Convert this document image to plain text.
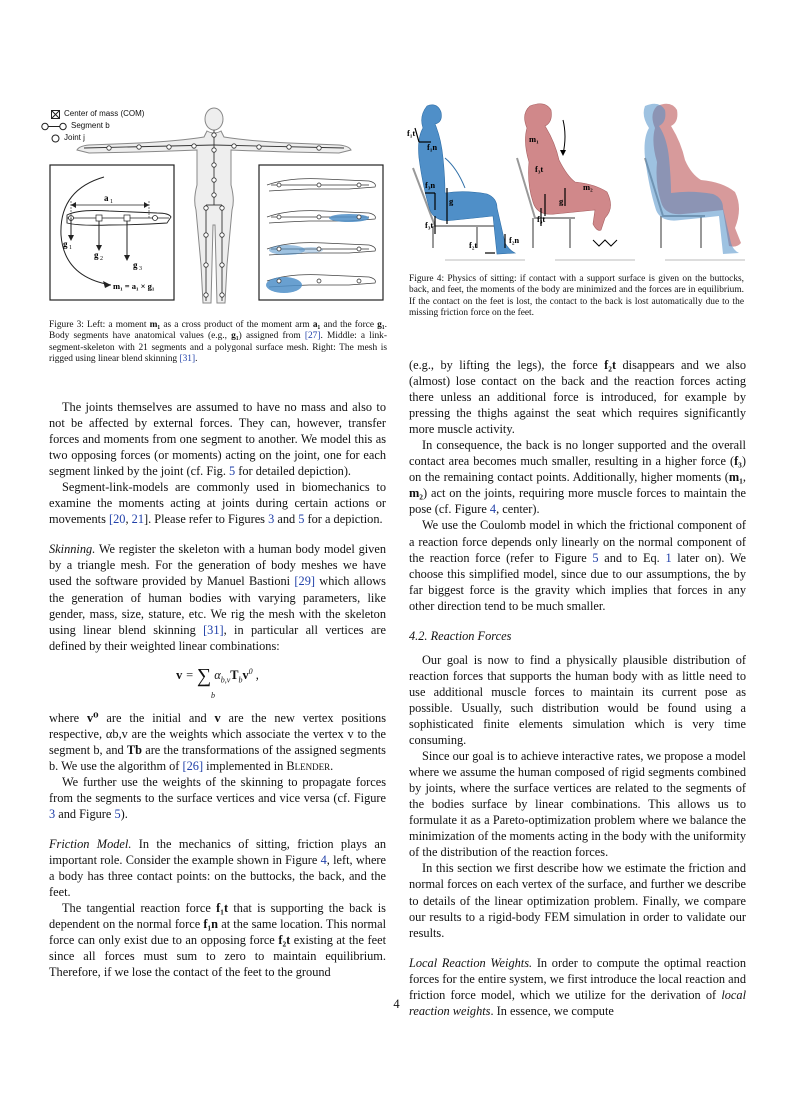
a 1
g 1
g 2
g 3
m₁ = a₁ × g₁
Center of mass (COM)
Segment b
Joint j
Figure 3: Left: a moment m₁ as a cross product of the moment arm a₁ and the force g₁. Body segments have anatomical values (e.g., g₁) assigned from [27]. Middle: a link-segment-skeleton with 21 segments and a polygonal surface mesh. Right: The mesh is rigged using linear blend skinning [31].
f₁t
f₁n
f₃n
f₃t
g
f₂t	f₂n
m₁
f₃t
m₂
g
f₃t
Figure 4: Physics of sitting: if contact with a support surface is given on the buttocks, back, and feet, the moments of the body are minimized and the forces are in equilibrium. If the contact on the feet is lost, the contact to the back is lost automatically due to the missing friction force on the feet.

The joints themselves are assumed to have no mass and also to not be affected by external forces. They can, however, transfer forces and moments from one segment to another. We model this as two opposing forces (or moments) acting on the joint, one for each segment linked by the joint (cf. Fig. 5 for detailed depiction).

Segment-link-models are commonly used in biomechanics to examine the moments acting at joints during certain actions or movements [20, 21]. Please refer to Figures 3 and 5 for a depiction.

Skinning. We register the skeleton with a human body model given by a triangle mesh. For the generation of body meshes we have used the software provided by Manuel Bastioni [29] which allows the generation of human bodies with varying parameters, like gender, mass, size, stature, etc. We rig the mesh with the skeleton using linear blend skinning [31], in particular all vertices are defined by their weighted linear combinations:

v = ∑ $\alpha_{b,v}T_bv^0$ ,
b

where v⁰ are the initial and v are the new vertex positions respective, αb,v are the weights which associate the vertex v to the segment b, and Tb are the transformations of the assigned segments b. We use the algorithm of [26] implemented in Blender.

We further use the weights of the skinning to propagate forces from the segments to the surface vertices and vice versa (cf. Figure 3 and Figure 5).

Friction Model. In the mechanics of sitting, friction plays an important role. Consider the example shown in Figure 4, left, where a body has three contact points: on the buttocks, the back, and the feet.

The tangential reaction force f₁t that is supporting the back is dependent on the normal force f₁n at the same location. This normal force can only exist due to an opposing force f₂t existing at the feet since all forces must sum to zero to maintain equilibrium. Therefore, if we lose the contact of the feet to the ground

(e.g., by lifting the legs), the force f₂t disappears and we also (almost) lose contact on the back and the reaction forces acting there unless an additional force is introduced, for example by pressing the thighs against the seat which requires significantly more muscle activity.

In consequence, the back is no longer supported and the overall contact area becomes much smaller, resulting in a higher force (f₃) on the remaining contact points. Additionally, higher moments (m₁, m₂) act on the joints, requiring more muscle forces to maintain the pose (cf. Figure 4, center).

We use the Coulomb model in which the frictional component of a reaction force depends only linearly on the normal component of the reaction force (refer to Figure 5 and to Eq. 1 later on). We choose this simplified model, since due to our assumptions, the by far biggest force is the gravity which implies that forces in any other direction tend to be much smaller.

4.2. Reaction Forces

Our goal is now to find a physically plausible distribution of reaction forces that supports the human body with as little need to use additional muscle forces to maintain its current pose as possible. Usually, such distribution would be found using a sophisticated finite elements simulation which is very time consuming.

Since our goal is to achieve interactive rates, we propose a model where we assume the human composed of rigid segments combined by joints, where the surface vertices are related to the segments of the bodies surface by linear combinations. This allows us to formulate it as a Pareto-optimization problem where we balance the minimization of the moments acting in the body with the uniformity of the distribution of the reaction forces.

In this section we first describe how we estimate the friction and normal forces on each vertex of the surface, and further we describe to details of the linear optimization problem. Finally, we compare our results to a rigid-body FEM simulation in order to validate our results.

Local Reaction Weights. In order to compute the optimal reaction forces for the entire system, we first introduce the local reaction and friction force model, which we utilize for the derivation of local reaction weights. In essence, we compute

4
